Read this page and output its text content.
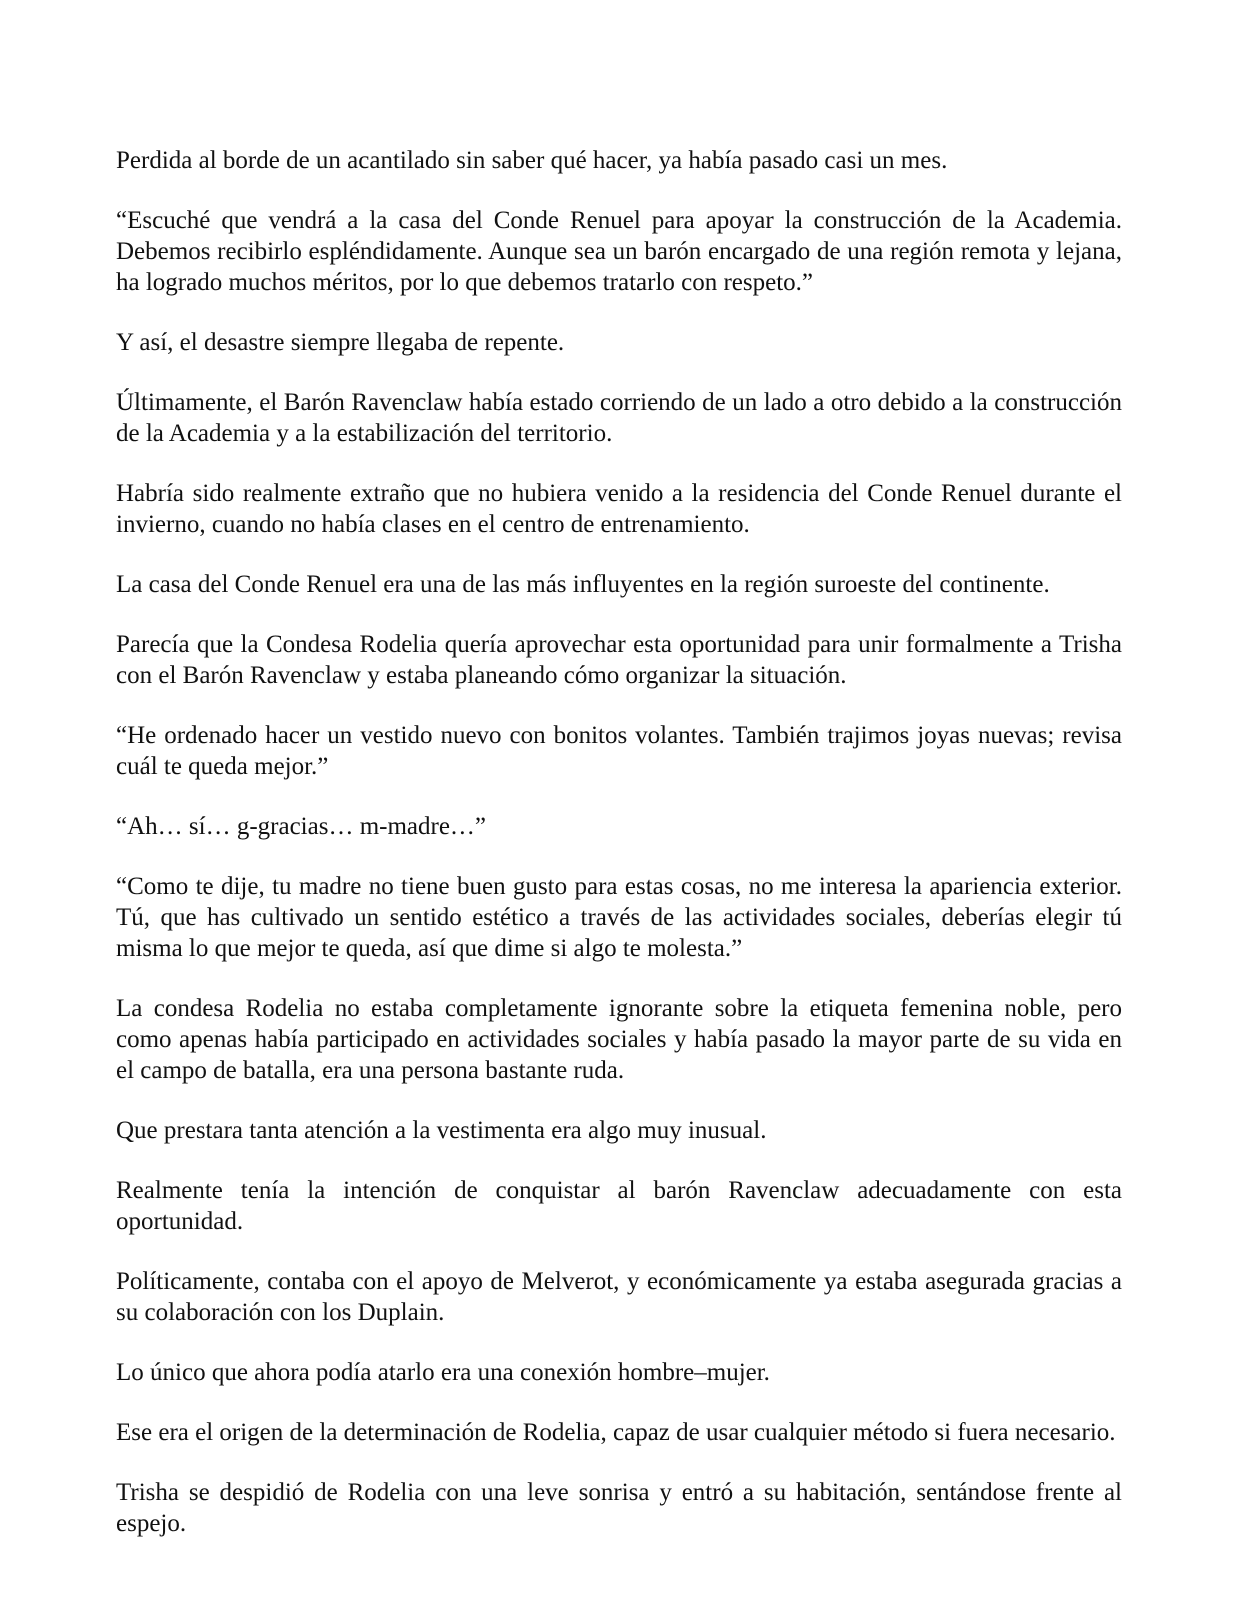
Perdida al borde de un acantilado sin saber qué hacer, ya había pasado casi un mes.

“Escuché que vendrá a la casa del Conde Renuel para apoyar la construcción de la Academia. Debemos recibirlo espléndidamente. Aunque sea un barón encargado de una región remota y lejana, ha logrado muchos méritos, por lo que debemos tratarlo con respeto.”

Y así, el desastre siempre llegaba de repente.

Últimamente, el Barón Ravenclaw había estado corriendo de un lado a otro debido a la construcción de la Academia y a la estabilización del territorio.

Habría sido realmente extraño que no hubiera venido a la residencia del Conde Renuel durante el invierno, cuando no había clases en el centro de entrenamiento.

La casa del Conde Renuel era una de las más influyentes en la región suroeste del continente.

Parecía que la Condesa Rodelia quería aprovechar esta oportunidad para unir formalmente a Trisha con el Barón Ravenclaw y estaba planeando cómo organizar la situación.

“He ordenado hacer un vestido nuevo con bonitos volantes. También trajimos joyas nuevas; revisa cuál te queda mejor.”

“Ah… sí… g-gracias… m-madre…”

“Como te dije, tu madre no tiene buen gusto para estas cosas, no me interesa la apariencia exterior. Tú, que has cultivado un sentido estético a través de las actividades sociales, deberías elegir tú misma lo que mejor te queda, así que dime si algo te molesta.”

La condesa Rodelia no estaba completamente ignorante sobre la etiqueta femenina noble, pero como apenas había participado en actividades sociales y había pasado la mayor parte de su vida en el campo de batalla, era una persona bastante ruda.

Que prestara tanta atención a la vestimenta era algo muy inusual.

Realmente tenía la intención de conquistar al barón Ravenclaw adecuadamente con esta oportunidad.

Políticamente, contaba con el apoyo de Melverot, y económicamente ya estaba asegurada gracias a su colaboración con los Duplain.

Lo único que ahora podía atarlo era una conexión hombre–mujer.

Ese era el origen de la determinación de Rodelia, capaz de usar cualquier método si fuera necesario.

Trisha se despidió de Rodelia con una leve sonrisa y entró a su habitación, sentándose frente al espejo.
